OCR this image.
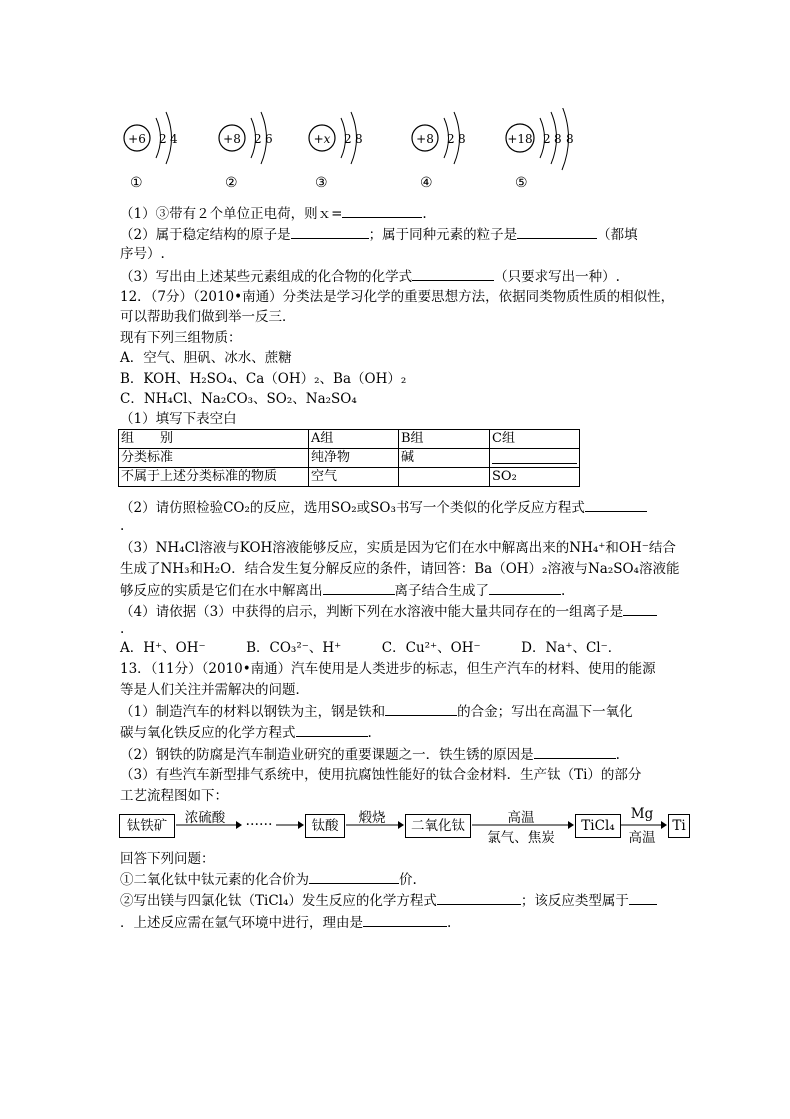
+6 2 4	+8 2 6	+x 2 8	+8 2 8	+18 2 8 8
①	②	③	④	⑤
（1）③带有２个单位正电荷，则ｘ=	.
（2）属于稳定结构的原子是	；属于同种元素的粒子是	（都填
序号）.
（3）写出由上述某些元素组成的化合物的化学式	（只要求写出一种）.
12．（7分）（2010•南通）分类法是学习化学的重要思想方法，依据同类物质性质的相似性，
可以帮助我们做到举一反三．
现有下列三组物质：
A．空气、胆矾、冰水、蔗糖
B．KOH、H₂SO₄、Ca（OH）₂、Ba（OH）₂
C．NH₄Cl、Na₂CO₃、SO₂、Na₂SO₄
（1）填写下表空白
组　　别	A组	B组	C组
分类标准	纯净物	碱	

不属于上述分类标准的物质	空气		SO₂
（2）请仿照检验CO₂的反应，选用SO₂或SO₃书写一个类似的化学反应方程式
.
（3）NH₄Cl溶液与KOH溶液能够反应，实质是因为它们在水中解离出来的NH₄⁺和OH⁻结合
生成了NH₃和H₂O．结合发生复分解反应的条件，请回答：Ba（OH）₂溶液与Na₂SO₄溶液能
够反应的实质是它们在水中解离出	离子结合生成了	.
（4）请依据（3）中获得的启示，判断下列在水溶液中能大量共同存在的一组离子是
.
A．H⁺、OH⁻　　　B．CO₃²⁻、H⁺　　　C．Cu²⁺、OH⁻　　　D．Na⁺、Cl⁻．
13．（11分）（2010•南通）汽车使用是人类进步的标志，但生产汽车的材料、使用的能源
等是人们关注并需解决的问题．
（1）制造汽车的材料以钢铁为主，钢是铁和	的合金；写出在高温下一氧化
碳与氧化铁反应的化学方程式	.
（2）钢铁的防腐是汽车制造业研究的重要课题之一．铁生锈的原因是	.
（3）有些汽车新型排气系统中，使用抗腐蚀性能好的钛合金材料．生产钛（Ti）的部分
工艺流程图如下：
钛铁矿	浓硫酸	……	钛酸	煅烧	二氧化钛	高温
氯气、焦炭
TiCl₄
Mg
高温
Ti
回答下列问题：
①二氧化钛中钛元素的化合价为	价.
②写出镁与四氯化钛（TiCl₄）发生反应的化学方程式	；该反应类型属于
．上述反应需在氩气环境中进行，理由是	.
